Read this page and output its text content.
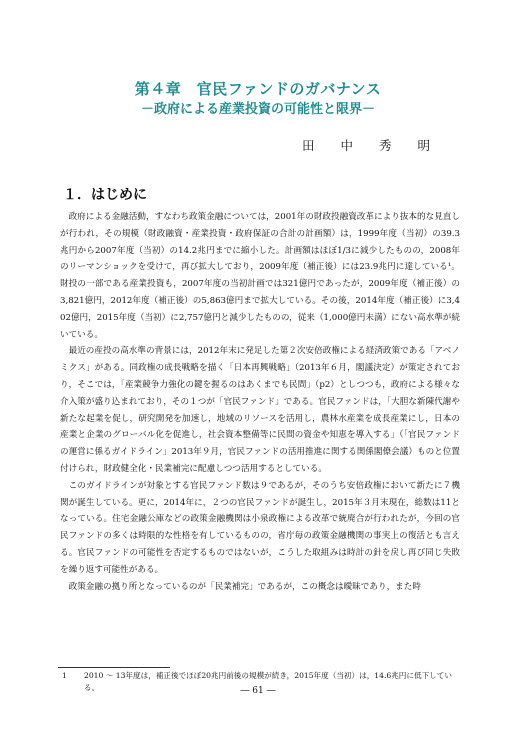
第４章　官民ファンドのガバナンス
－政府による産業投資の可能性と限界－
田中秀明
１．はじめに

政府による金融活動，すなわち政策金融については，2001年の財政投融資改革により抜本的な見直しが行われ，その規模（財政融資・産業投資・政府保証の合計の計画額）は，1999年度（当初）の39.3兆円から2007年度（当初）の14.2兆円までに縮小した。計画額はほぼ1/3に減少したものの，2008年のリーマンショックを受けて，再び拡大しており，2009年度（補正後）には23.9兆円に達している¹。財投の一部である産業投資も，2007年度の当初計画では321億円であったが，2009年度（補正後）の3,821億円，2012年度（補正後）の5,863億円まで拡大している。その後，2014年度（補正後）に3,402億円，2015年度（当初）に2,757億円と減少したものの，従来（1,000億円未満）にない高水準が続いている。

最近の産投の高水準の背景には，2012年末に発足した第２次安倍政権による経済政策である「アベノミクス」がある。同政権の成長戦略を描く「日本再興戦略」（2013年６月，閣議決定）が策定されており，そこでは，「産業競争力強化の鍵を握るのはあくまでも民間」（p2）としつつも，政府による様々な介入策が盛り込まれており，その１つが「官民ファンド」である。官民ファンドは，「大胆な新陳代謝や新たな起業を促し，研究開発を加速し，地域のリソースを活用し，農林水産業を成長産業にし，日本の産業と企業のグローバル化を促進し，社会資本整備等に民間の資金や知恵を導入する」（「官民ファンドの運営に係るガイドライン」2013年９月，官民ファンドの活用推進に関する関係閣僚会議）ものと位置付けられ，財政健全化・民業補完に配慮しつつ活用するとしている。

このガイドラインが対象とする官民ファンド数は９であるが，そのうち安倍政権において新たに７機関が誕生している。更に，2014年に，２つの官民ファンドが誕生し，2015年３月末現在，総数は11となっている。住宅金融公庫などの政策金融機関は小泉政権による改革で統廃合が行われたが，今回の官民ファンドの多くは時限的な性格を有しているものの，省庁毎の政策金融機関の事実上の復活とも言える。官民ファンドの可能性を否定するものではないが，こうした取組みは時計の針を戻し再び同じ失敗を繰り返す可能性がある。

政策金融の拠り所となっているのが「民業補完」であるが，この概念は曖昧であり，また時

1	2010 ～ 13年度は，補正後でほぼ20兆円前後の規模が続き，2015年度（当初）は，14.6兆円に低下している。	― 61 ―
